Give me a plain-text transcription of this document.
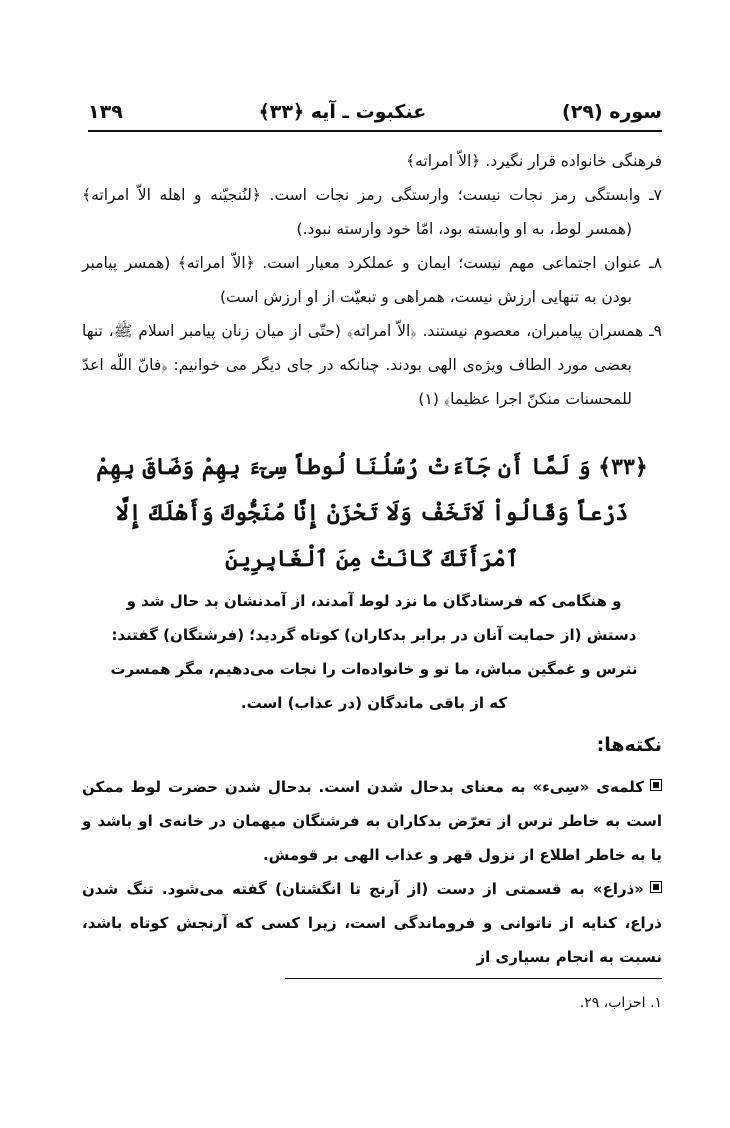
سوره (۲۹)
عنکبوت ـ آیه ﴿۳۳﴾
۱۳۹

فرهنگی خانواده قرار نگیرد. ﴿الاّ امراته﴾

۷ـ وابستگی رمز نجات نیست؛ وارستگی رمز نجات است. ﴿لنُنجیّنه و اهله الاّ امراته﴾ (همسر لوط، به او وابسته بود، امّا خود وارسته نبود.)

۸ـ عنوان اجتماعی مهم نیست؛ ایمان و عملکرد معیار است. ﴿الاّ امراته﴾ (همسر پیامبر بودن به تنهایی ارزش نیست، همراهی و تبعیّت از او ارزش است)

۹ـ همسران پیامبران، معصوم نیستند. ﴿الاّ امراته﴾ (حتّی از میان زنان پیامبر اسلام ﷺ، تنها بعضی مورد الطاف ویژه‌ی الهی بودند. چنانکه در جای دیگر می خوانیم: ﴿فانّ اللّه اعدّ للمحسنات منکنّ اجرا عظیما﴾ (۱)

﴿۳۳﴾ وَ لَمَّا أَن جَآءَتْ رُسُلُنَا لُوطاً سِیٓءَ بِهِمْ وَضَاقَ بِهِمْ ذَرْعاً وَقَالُواْ لَاتَخَفْ وَلَا تَحْزَنْ إِنَّا مُنَجُّوكَ وَأَهْلَكَ إِلَّا ٱمْرَأَتَكَ كَانَتْ مِنَ ٱلْغَابِرِينَ
و هنگامی که فرستادگان ما نزد لوط آمدند، از آمدنشان بد حال شد و دستش (از حمایت آنان در برابر بدکاران) کوتاه گردید؛ (فرشتگان) گفتند: نترس و غمگین مباش، ما تو و خانواده‌ات را نجات می‌دهیم، مگر همسرت که از باقی ماندگان (در عذاب) است.
نکته‌ها:

کلمه‌ی «سِیء» به معنای بدحال شدن است. بدحال شدن حضرت لوط ممکن است به خاطر ترس از تعرّض بدکاران به فرشتگان میهمان در خانه‌ی او باشد و یا به خاطر اطلاع از نزول قهر و عذاب الهی بر قومش.

«ذراع» به قسمتی از دست (از آرنج تا انگشتان) گفته می‌شود. تنگ شدن ذراع، کنایه از ناتوانی و فروماندگی است، زیرا کسی که آرنجش کوتاه باشد، نسبت به انجام بسیاری از

۱. احزاب، ۲۹.
